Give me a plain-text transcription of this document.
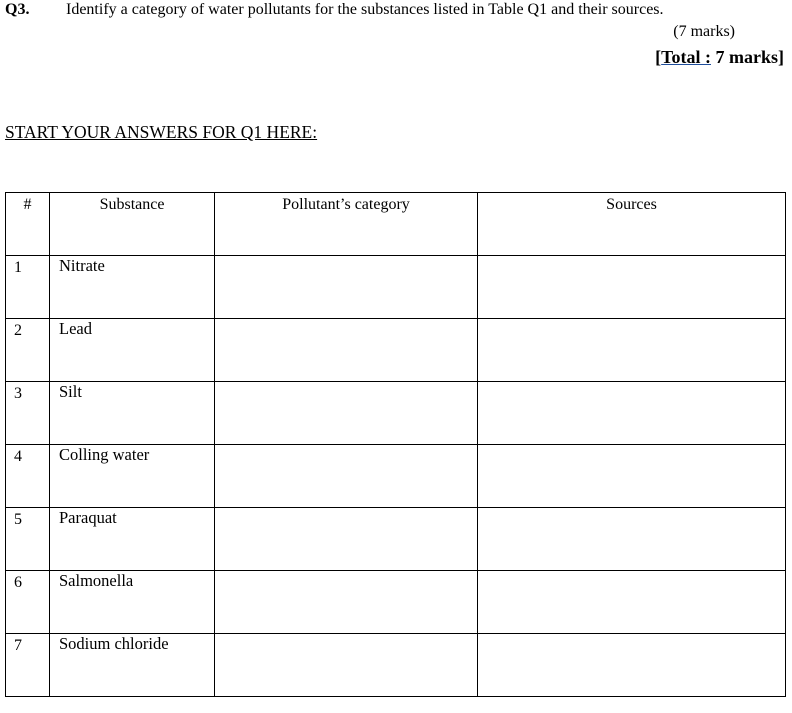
Q3. Identify a category of water pollutants for the substances listed in Table Q1 and their sources.
(7 marks)
[Total : 7 marks]
START YOUR ANSWERS FOR Q1 HERE:
#	Substance	Pollutant’s category	Sources
1	Nitrate		
2	Lead		
3	Silt		
4	Colling water		
5	Paraquat		
6	Salmonella		
7	Sodium chloride		
